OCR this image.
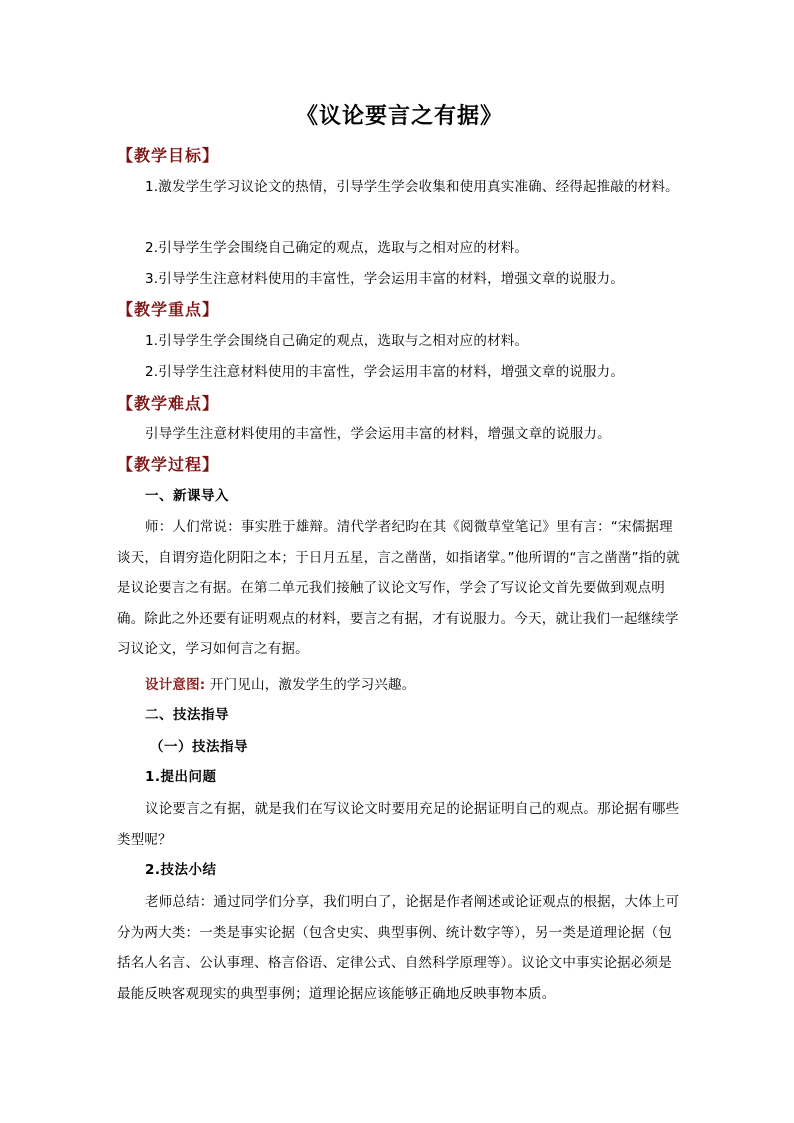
《议论要言之有据》
【教学目标】
1.激发学生学习议论文的热情，引导学生学会收集和使用真实准确、经得起推敲的材料。
2.引导学生学会围绕自己确定的观点，选取与之相对应的材料。
3.引导学生注意材料使用的丰富性，学会运用丰富的材料，增强文章的说服力。
【教学重点】
1.引导学生学会围绕自己确定的观点，选取与之相对应的材料。
2.引导学生注意材料使用的丰富性，学会运用丰富的材料，增强文章的说服力。
【教学难点】
引导学生注意材料使用的丰富性，学会运用丰富的材料，增强文章的说服力。
【教学过程】
一、新课导入
师：人们常说：事实胜于雄辩。清代学者纪昀在其《阅微草堂笔记》里有言：“宋儒据理谈天，自谓穷造化阴阳之本；于日月五星，言之凿凿，如指诸掌。”他所谓的“言之凿凿”指的就是议论要言之有据。在第二单元我们接触了议论文写作，学会了写议论文首先要做到观点明确。除此之外还要有证明观点的材料，要言之有据，才有说服力。今天，就让我们一起继续学习议论文，学习如何言之有据。
设计意图: 开门见山，激发学生的学习兴趣。
二、技法指导
（一）技法指导
1.提出问题
议论要言之有据，就是我们在写议论文时要用充足的论据证明自己的观点。那论据有哪些类型呢？
2.技法小结
老师总结：通过同学们分享，我们明白了，论据是作者阐述或论证观点的根据，大体上可分为两大类：一类是事实论据（包含史实、典型事例、统计数字等），另一类是道理论据（包括名人名言、公认事理、格言俗语、定律公式、自然科学原理等）。议论文中事实论据必须是最能反映客观现实的典型事例；道理论据应该能够正确地反映事物本质。
